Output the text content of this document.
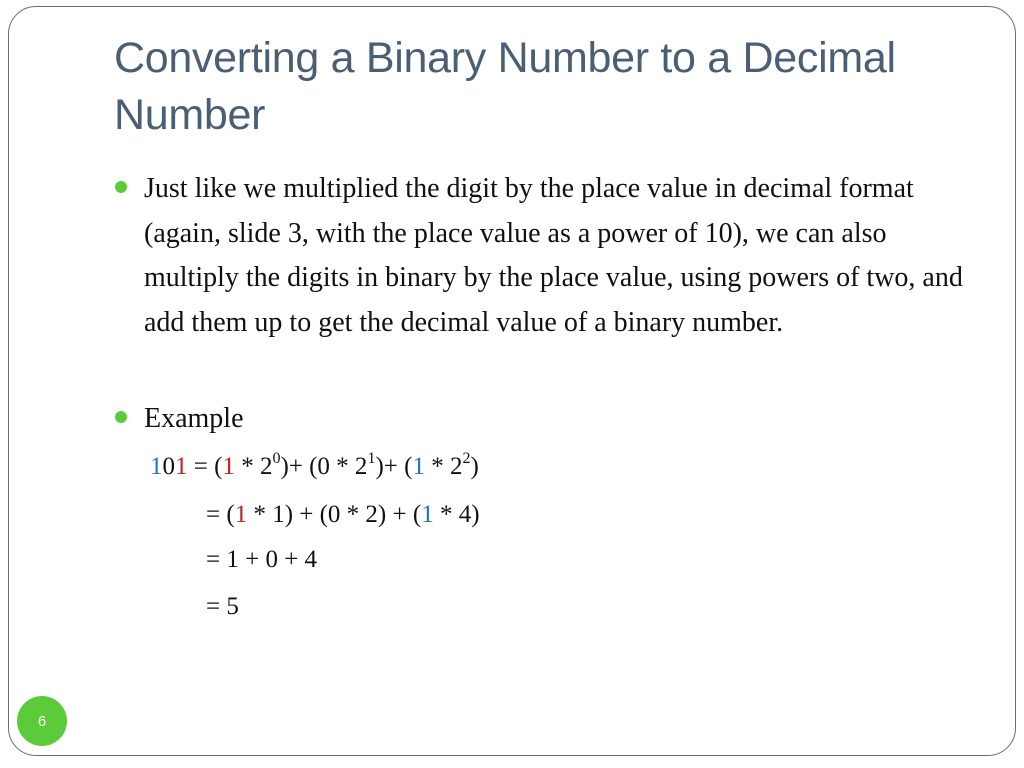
Converting a Binary Number to a Decimal Number
Just like we multiplied the digit by the place value in decimal format (again, slide 3, with the place value as a power of 10), we can also multiply the digits in binary by the place value, using powers of two, and add them up to get the decimal value of a binary number.
Example
$101 = (1 * 2^0)+ (0 * 2^1)+ (1 * 2^2)$
= (1 * 1) + (0 * 2) + (1 * 4)
= 1 + 0 + 4
= 5
6
